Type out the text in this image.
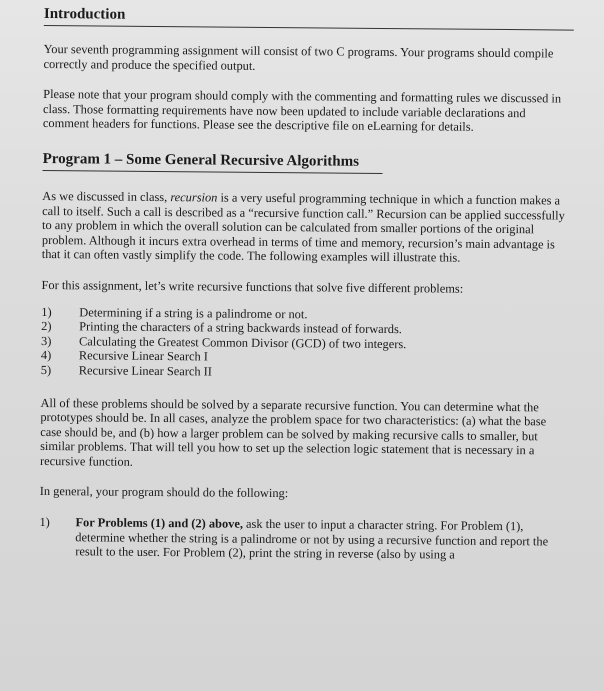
Introduction

Your seventh programming assignment will consist of two C programs. Your programs should compile correctly and produce the specified output.

Please note that your program should comply with the commenting and formatting rules we discussed in class. Those formatting requirements have now been updated to include variable declarations and comment headers for functions. Please see the descriptive file on eLearning for details.

Program 1 – Some General Recursive Algorithms

As we discussed in class, recursion is a very useful programming technique in which a function makes a call to itself. Such a call is described as a “recursive function call.” Recursion can be applied successfully to any problem in which the overall solution can be calculated from smaller portions of the original problem. Although it incurs extra overhead in terms of time and memory, recursion’s main advantage is that it can often vastly simplify the code. The following examples will illustrate this.

For this assignment, let’s write recursive functions that solve five different problems:

1)	Determining if a string is a palindrome or not.
2)	Printing the characters of a string backwards instead of forwards.
3)	Calculating the Greatest Common Divisor (GCD) of two integers.
4)	Recursive Linear Search I
5)	Recursive Linear Search II

All of these problems should be solved by a separate recursive function. You can determine what the prototypes should be. In all cases, analyze the problem space for two characteristics: (a) what the base case should be, and (b) how a larger problem can be solved by making recursive calls to smaller, but similar problems. That will tell you how to set up the selection logic statement that is necessary in a recursive function.

In general, your program should do the following:

1)	For Problems (1) and (2) above, ask the user to input a character string. For Problem (1), determine whether the string is a palindrome or not by using a recursive function and report the result to the user. For Problem (2), print the string in reverse (also by using a
